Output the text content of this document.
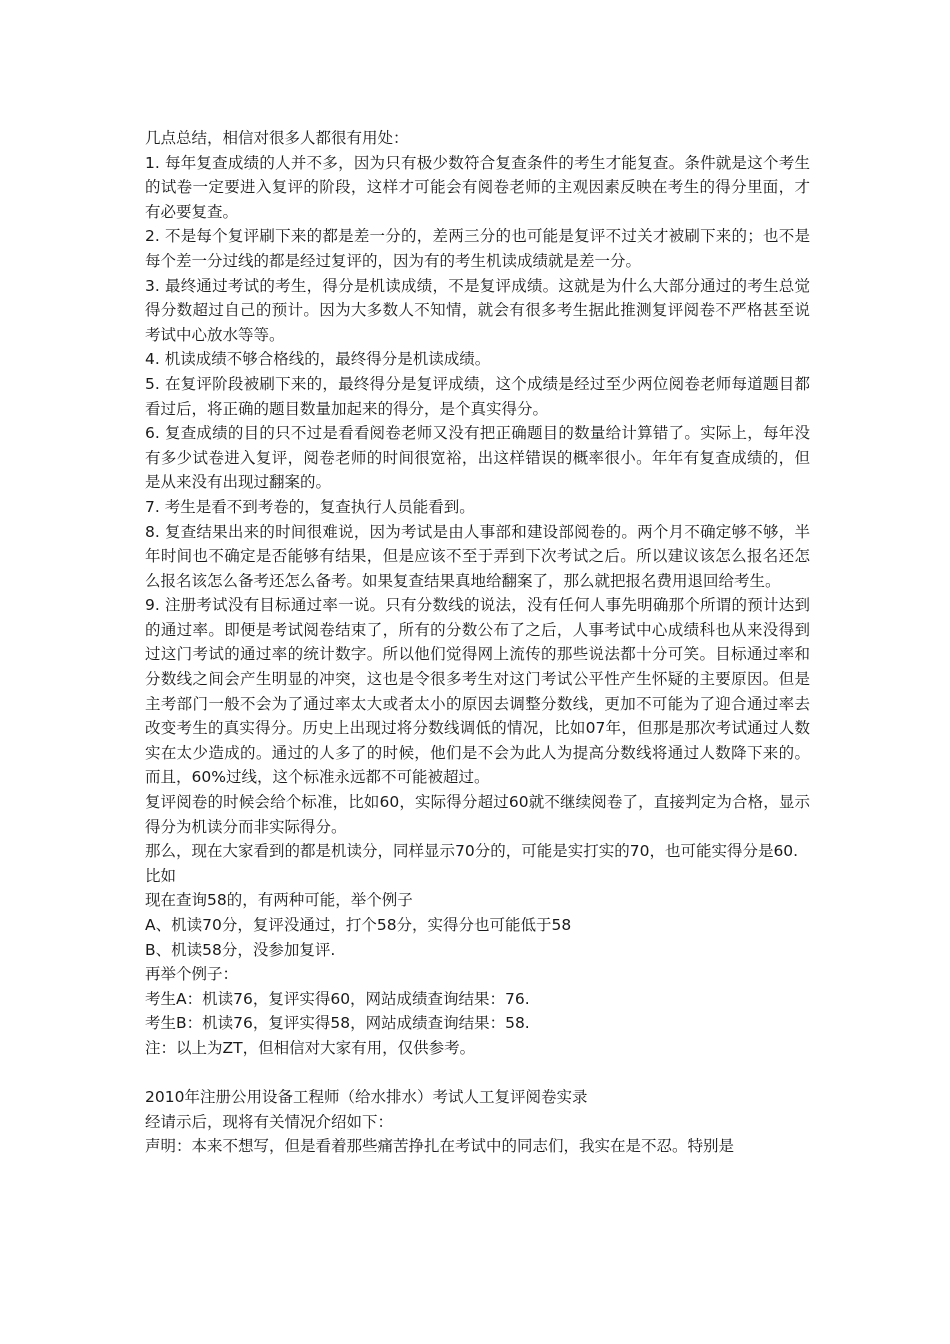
几点总结，相信对很多人都很有用处：

1. 每年复查成绩的人并不多，因为只有极少数符合复查条件的考生才能复查。条件就是这个考生的试卷一定要进入复评的阶段，这样才可能会有阅卷老师的主观因素反映在考生的得分里面，才有必要复查。

2. 不是每个复评刷下来的都是差一分的，差两三分的也可能是复评不过关才被刷下来的；也不是每个差一分过线的都是经过复评的，因为有的考生机读成绩就是差一分。

3. 最终通过考试的考生，得分是机读成绩，不是复评成绩。这就是为什么大部分通过的考生总觉得分数超过自己的预计。因为大多数人不知情，就会有很多考生据此推测复评阅卷不严格甚至说考试中心放水等等。

4. 机读成绩不够合格线的，最终得分是机读成绩。

5. 在复评阶段被刷下来的，最终得分是复评成绩，这个成绩是经过至少两位阅卷老师每道题目都看过后，将正确的题目数量加起来的得分，是个真实得分。

6. 复查成绩的目的只不过是看看阅卷老师又没有把正确题目的数量给计算错了。实际上，每年没有多少试卷进入复评，阅卷老师的时间很宽裕，出这样错误的概率很小。年年有复查成绩的，但是从来没有出现过翻案的。

7. 考生是看不到考卷的，复查执行人员能看到。

8. 复查结果出来的时间很难说，因为考试是由人事部和建设部阅卷的。两个月不确定够不够，半年时间也不确定是否能够有结果，但是应该不至于弄到下次考试之后。所以建议该怎么报名还怎么报名该怎么备考还怎么备考。如果复查结果真地给翻案了，那么就把报名费用退回给考生。

9. 注册考试没有目标通过率一说。只有分数线的说法，没有任何人事先明确那个所谓的预计达到的通过率。即便是考试阅卷结束了，所有的分数公布了之后，人事考试中心成绩科也从来没得到过这门考试的通过率的统计数字。所以他们觉得网上流传的那些说法都十分可笑。目标通过率和分数线之间会产生明显的冲突，这也是令很多考生对这门考试公平性产生怀疑的主要原因。但是主考部门一般不会为了通过率太大或者太小的原因去调整分数线，更加不可能为了迎合通过率去改变考生的真实得分。历史上出现过将分数线调低的情况，比如07年，但那是那次考试通过人数实在太少造成的。通过的人多了的时候，他们是不会为此人为提高分数线将通过人数降下来的。而且，60%过线，这个标准永远都不可能被超过。

复评阅卷的时候会给个标准，比如60，实际得分超过60就不继续阅卷了，直接判定为合格，显示得分为机读分而非实际得分。

那么，现在大家看到的都是机读分，同样显示70分的，可能是实打实的70，也可能实得分是60.

比如

现在查询58的，有两种可能，举个例子

A、机读70分，复评没通过，打个58分，实得分也可能低于58

B、机读58分，没参加复评.

再举个例子：

考生A：机读76，复评实得60，网站成绩查询结果：76.

考生B：机读76，复评实得58，网站成绩查询结果：58.

注：以上为ZT，但相信对大家有用，仅供参考。

2010年注册公用设备工程师（给水排水）考试人工复评阅卷实录

经请示后，现将有关情况介绍如下：

声明：本来不想写，但是看着那些痛苦挣扎在考试中的同志们，我实在是不忍。特别是
